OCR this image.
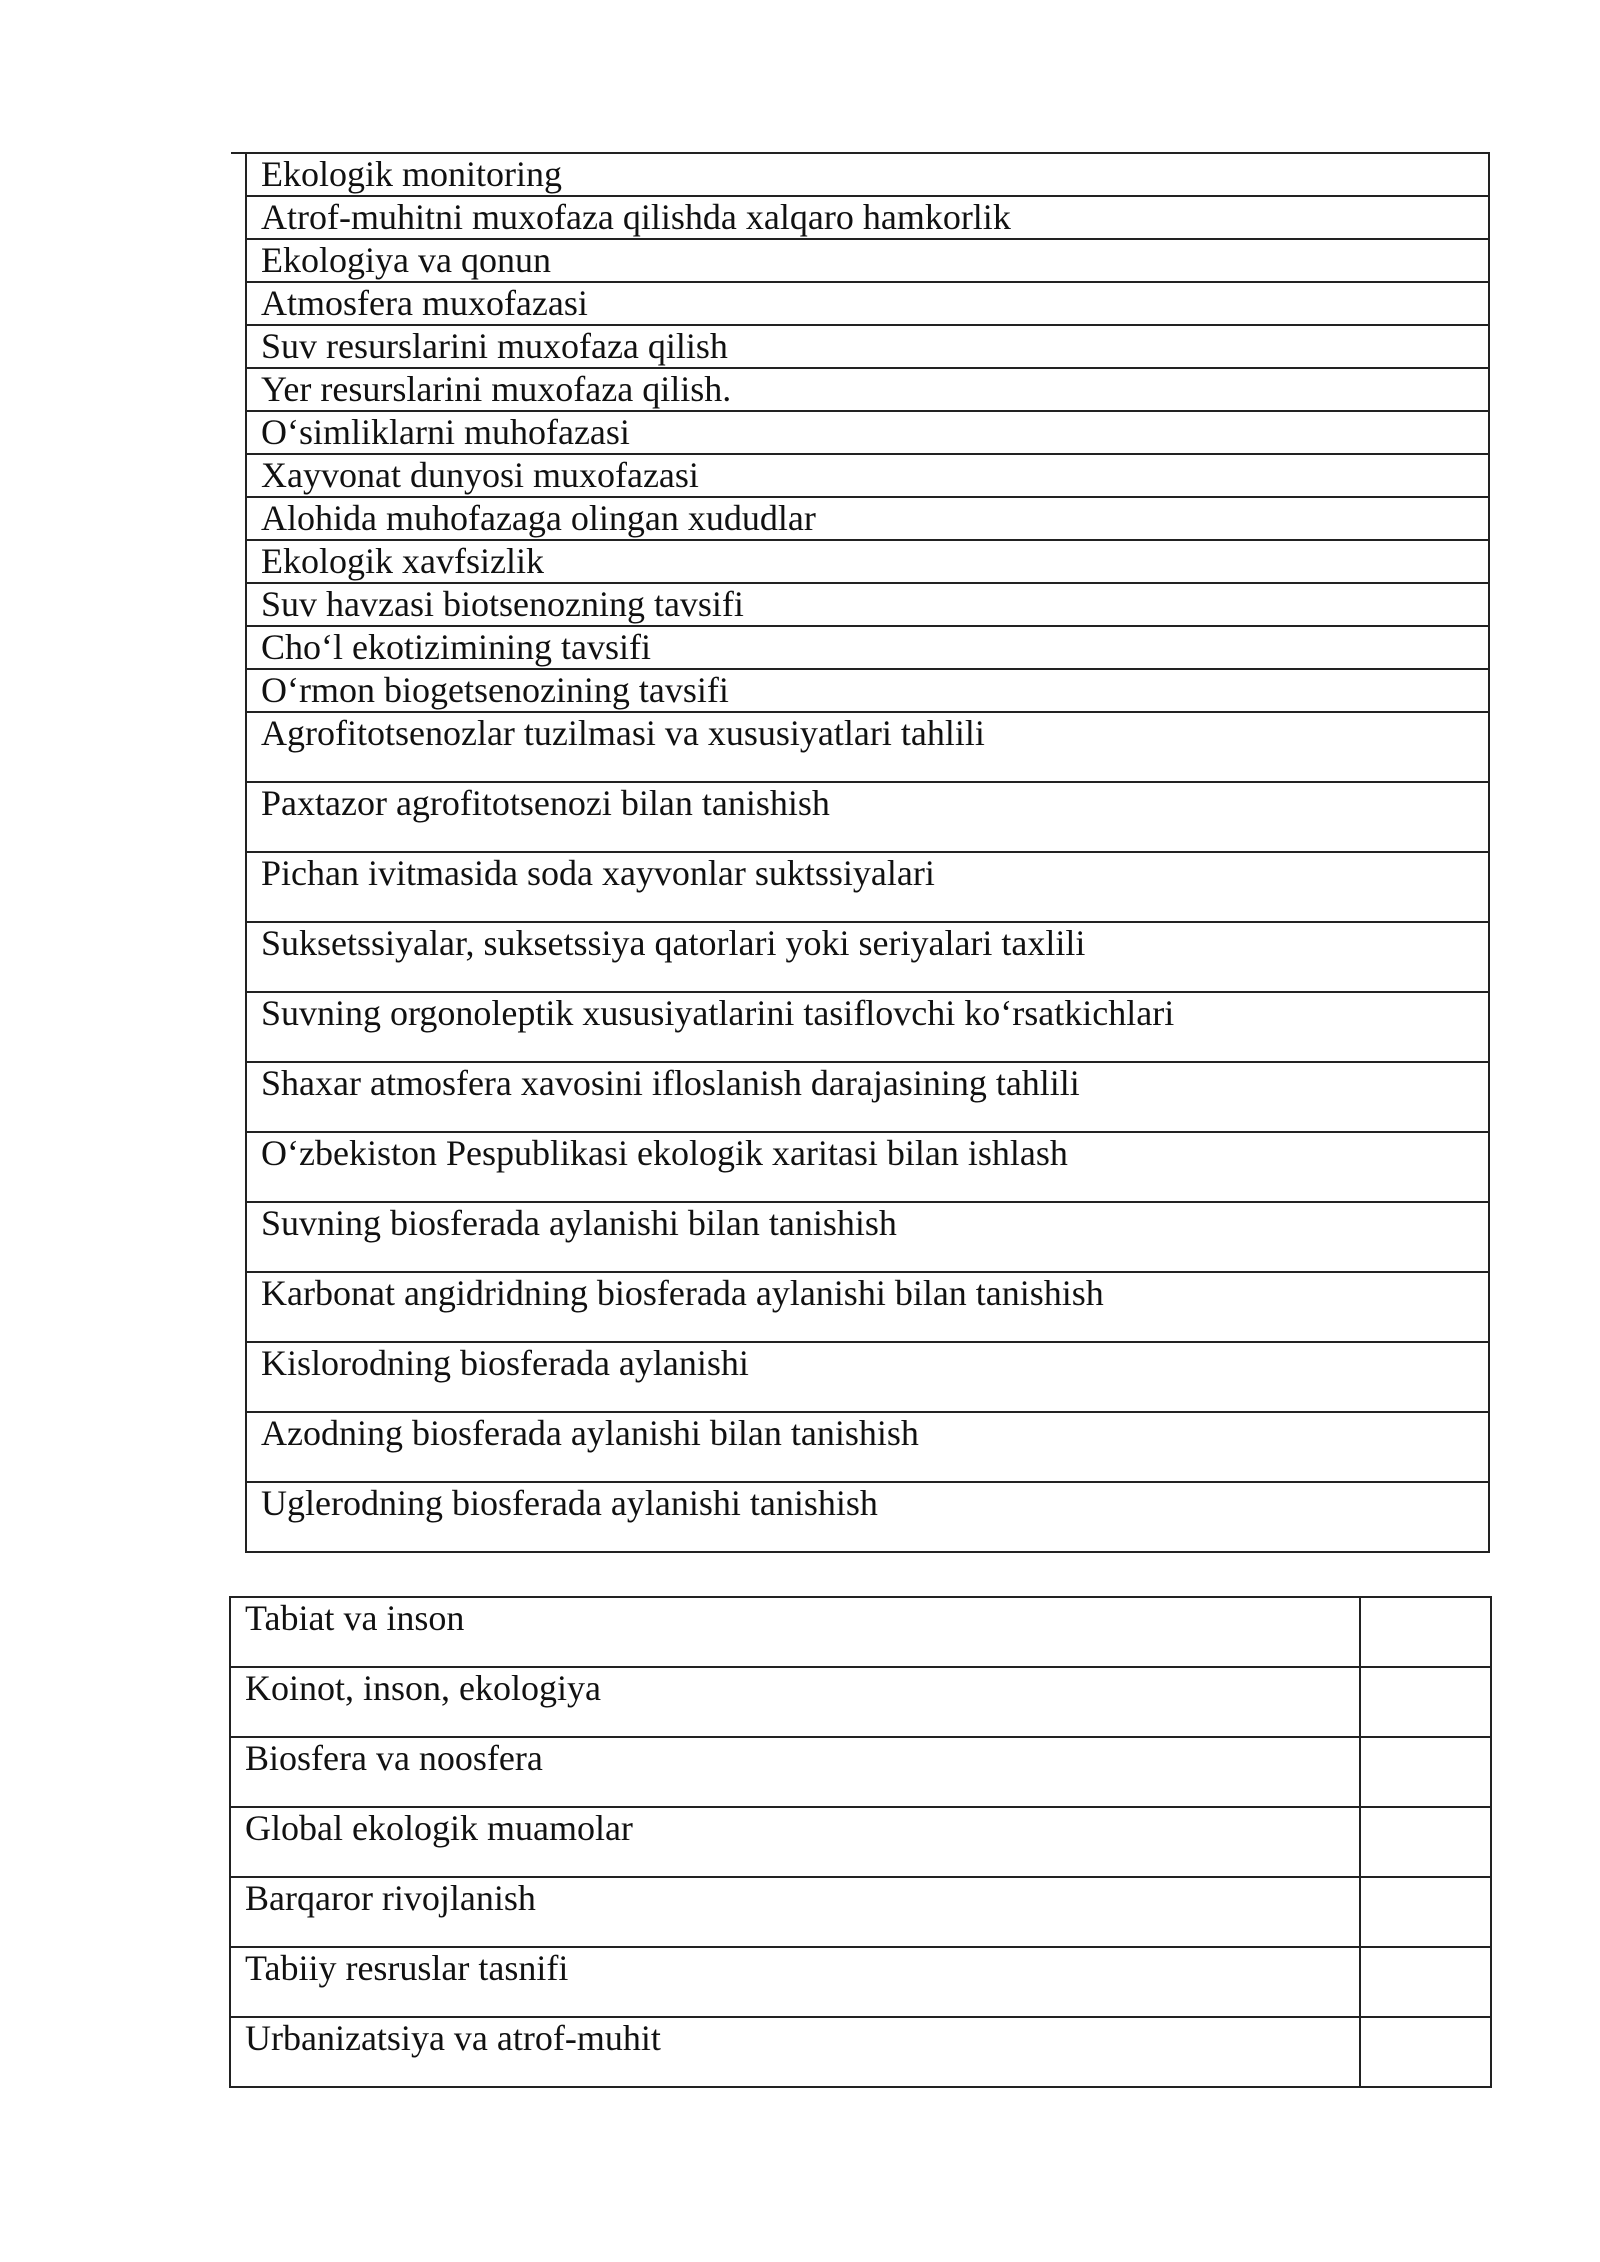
Ekologik monitoring
Atrof-muhitni muxofaza qilishda xalqaro hamkorlik
Ekologiya va qonun
Atmosfera muxofazasi
Suv resurslarini muxofaza qilish
Yer resurslarini muxofaza qilish.
O‘simliklarni muhofazasi
Xayvonat dunyosi muxofazasi
Alohida muhofazaga olingan xududlar
Ekologik xavfsizlik
Suv havzasi biotsenozning tavsifi
Cho‘l ekotizimining tavsifi
O‘rmon biogetsenozining tavsifi
Agrofitotsenozlar tuzilmasi va xususiyatlari tahlili
Paxtazor agrofitotsenozi bilan tanishish
Pichan ivitmasida soda xayvonlar suktssiyalari
Suksetssiyalar, suksetssiya qatorlari yoki seriyalari taxlili
Suvning orgonoleptik xususiyatlarini tasiflovchi ko‘rsatkichlari
Shaxar atmosfera xavosini ifloslanish darajasining tahlili
O‘zbekiston Pespublikasi ekologik xaritasi bilan ishlash
Suvning biosferada aylanishi bilan tanishish
Karbonat angidridning biosferada aylanishi bilan tanishish
Kislorodning biosferada aylanishi
Azodning biosferada aylanishi bilan tanishish
Uglerodning biosferada aylanishi tanishish
Tabiat va inson	
Koinot, inson, ekologiya	
Biosfera va noosfera	
Global ekologik muamolar	
Barqaror rivojlanish	
Tabiiy resruslar tasnifi	
Urbanizatsiya va atrof-muhit	
